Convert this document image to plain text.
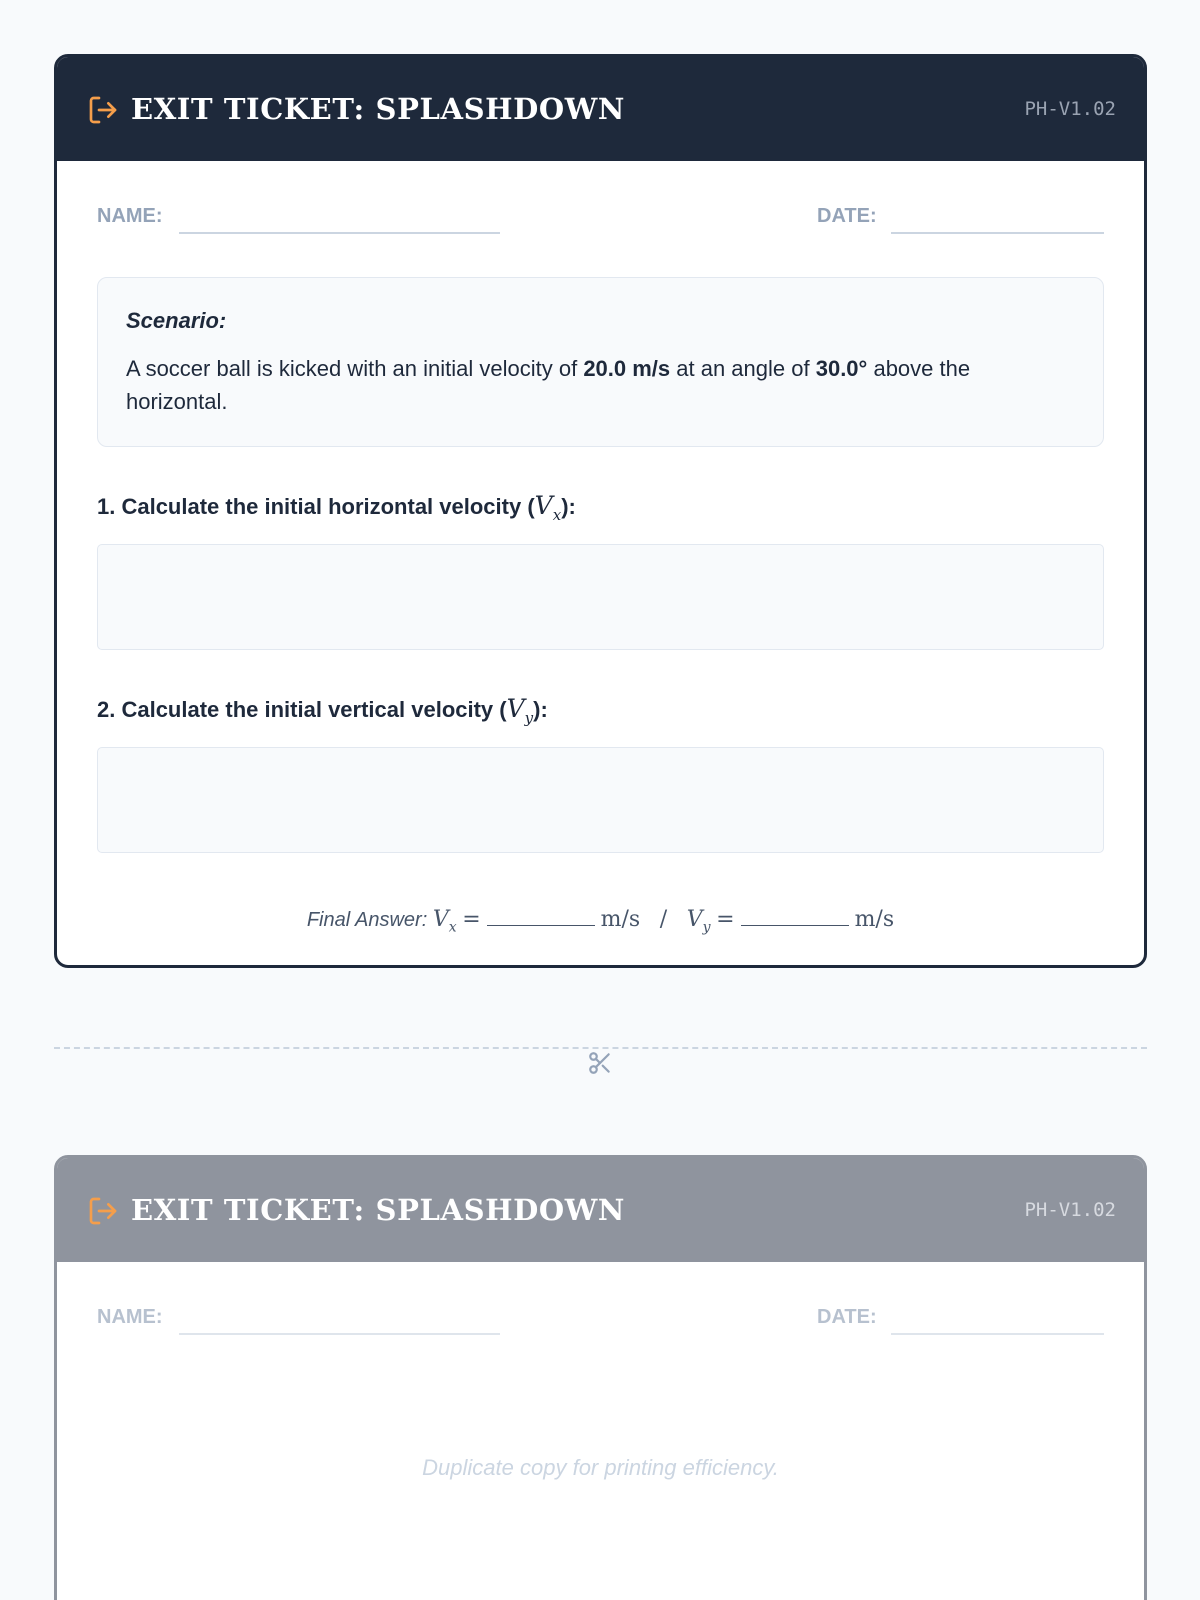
EXIT TICKET: SPLASHDOWN	PH-V1.02
NAME:	DATE:
Scenario:
A soccer ball is kicked with an initial velocity of 20.0 m/s at an angle of 30.0° above the horizontal.
1. Calculate the initial horizontal velocity $(V_x)$:
2. Calculate the initial vertical velocity $(V_y)$:
Final Answer: $V_x$ =	$m/s / V_y$ =	m/s
EXIT TICKET: SPLASHDOWN	PH-V1.02
NAME:	DATE:
Duplicate copy for printing efficiency.
